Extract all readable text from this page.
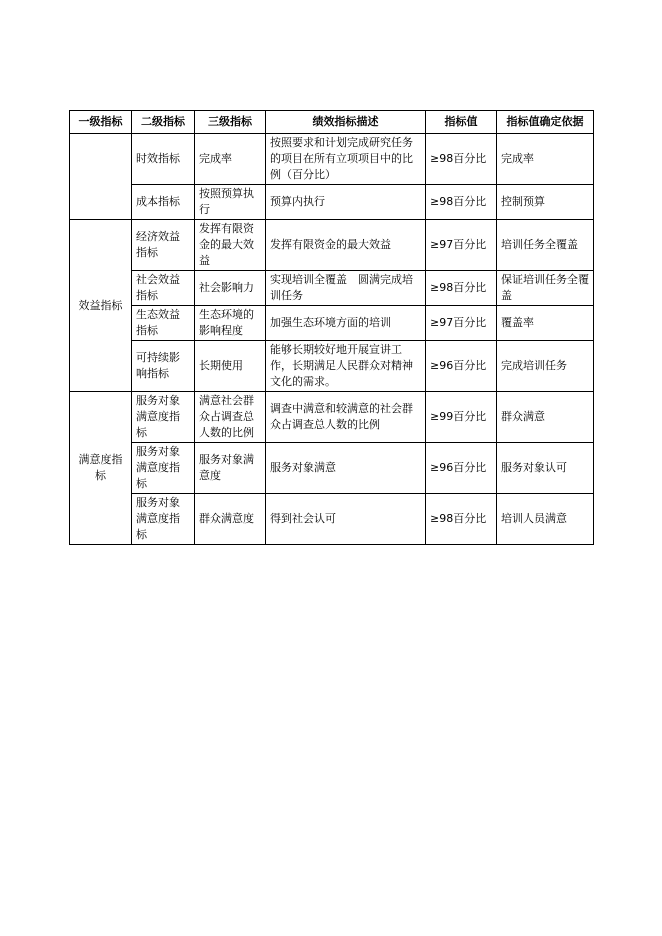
一级指标	二级指标	三级指标	绩效指标描述	指标值	指标值确定依据
	时效指标	完成率	按照要求和计划完成研究任务的项目在所有立项项目中的比例（百分比）	≥98百分比	完成率
	成本指标	按照预算执行	预算内执行	≥98百分比	控制预算
效益指标	经济效益指标	发挥有限资金的最大效益	发挥有限资金的最大效益	≥97百分比	培训任务全覆盖
	社会效益指标	社会影响力	实现培训全覆盖　圆满完成培训任务	≥98百分比	保证培训任务全覆盖
	生态效益指标	生态环境的影响程度	加强生态环境方面的培训	≥97百分比	覆盖率
	可持续影响指标	长期使用	能够长期较好地开展宣讲工作，长期满足人民群众对精神文化的需求。	≥96百分比	完成培训任务
满意度指标	服务对象满意度指标	满意社会群众占调查总人数的比例	调查中满意和较满意的社会群众占调查总人数的比例	≥99百分比	群众满意
	服务对象满意度指标	服务对象满意度	服务对象满意	≥96百分比	服务对象认可
	服务对象满意度指标	群众满意度	得到社会认可	≥98百分比	培训人员满意
